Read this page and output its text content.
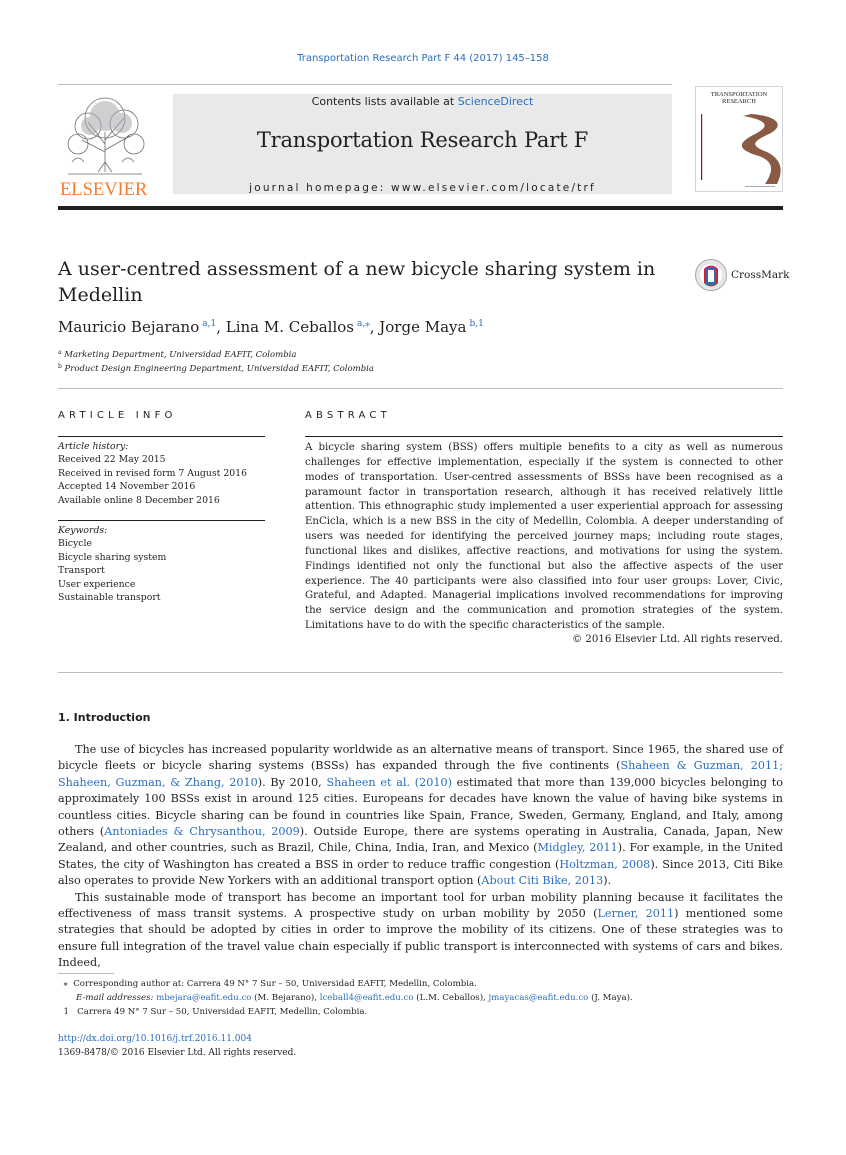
Transportation Research Part F 44 (2017) 145–158
ELSEVIER
Contents lists available at ScienceDirect
Transportation Research Part F
journal homepage: www.elsevier.com/locate/trf
TRANSPORTATION
RESEARCH
A user-centred assessment of a new bicycle sharing system in Medellin
CrossMark
Mauricio Bejarano  $^{a,1}$, Lina M. Ceballos  $^{a,⁎}$, Jorge Maya  $^{b,1}$
$^a$ Marketing Department, Universidad EAFIT, Colombia
$^b$ Product Design Engineering Department, Universidad EAFIT, Colombia
ARTICLE INFO
Article history:
Received 22 May 2015
Received in revised form 7 August 2016
Accepted 14 November 2016
Available online 8 December 2016
Keywords:
Bicycle
Bicycle sharing system
Transport
User experience
Sustainable transport
ABSTRACT
A bicycle sharing system (BSS) offers multiple benefits to a city as well as numerous challenges for effective implementation, especially if the system is connected to other modes of transportation. User-centred assessments of BSSs have been recognised as a paramount factor in transportation research, although it has received relatively little attention. This ethnographic study implemented a user experiential approach for assessing EnCicla, which is a new BSS in the city of Medellin, Colombia. A deeper understanding of users was needed for identifying the perceived journey maps; including route stages, functional likes and dislikes, affective reactions, and motivations for using the system. Findings identified not only the functional but also the affective aspects of the user experience. The 40 participants were also classified into four user groups: Lover, Civic, Grateful, and Adapted. Managerial implications involved recommendations for improving the service design and the communication and promotion strategies of the system. Limitations have to do with the specific characteristics of the sample.
© 2016 Elsevier Ltd. All rights reserved.
1. Introduction

The use of bicycles has increased popularity worldwide as an alternative means of transport. Since 1965, the shared use of bicycle fleets or bicycle sharing systems (BSSs) has expanded through the five continents (Shaheen & Guzman, 2011; Shaheen, Guzman, & Zhang, 2010). By 2010, Shaheen et al. (2010) estimated that more than 139,000 bicycles belonging to approximately 100 BSSs exist in around 125 cities. Europeans for decades have known the value of having bike systems in countless cities. Bicycle sharing can be found in countries like Spain, France, Sweden, Germany, England, and Italy, among others (Antoniades & Chrysanthou, 2009). Outside Europe, there are systems operating in Australia, Canada, Japan, New Zealand, and other countries, such as Brazil, Chile, China, India, Iran, and Mexico (Midgley, 2011). For example, in the United States, the city of Washington has created a BSS in order to reduce traffic congestion (Holtzman, 2008). Since 2013, Citi Bike also operates to provide New Yorkers with an additional transport option (About Citi Bike, 2013).

This sustainable mode of transport has become an important tool for urban mobility planning because it facilitates the effectiveness of mass transit systems. A prospective study on urban mobility by 2050 (Lerner, 2011) mentioned some strategies that should be adopted by cities in order to improve the mobility of its citizens. One of these strategies was to ensure full integration of the travel value chain especially if public transport is interconnected with systems of cars and bikes. Indeed,

⁎ Corresponding author at: Carrera 49 N° 7 Sur – 50, Universidad EAFIT, Medellin, Colombia.
E-mail addresses: mbejara@eafit.edu.co (M. Bejarano), lceball4@eafit.edu.co (L.M. Ceballos), jmayacas@eafit.edu.co (J. Maya).
1 Carrera 49 N° 7 Sur – 50, Universidad EAFIT, Medellin, Colombia.
http://dx.doi.org/10.1016/j.trf.2016.11.004
1369-8478/© 2016 Elsevier Ltd. All rights reserved.
